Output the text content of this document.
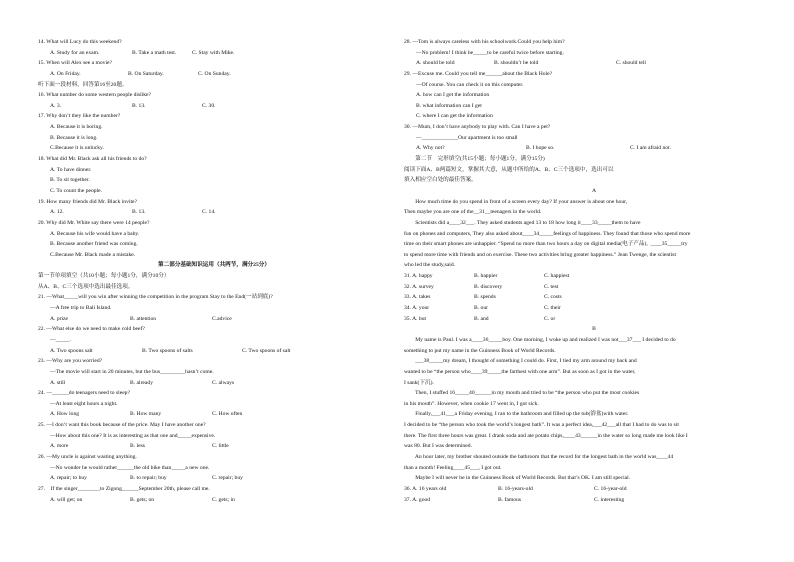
14. What will Lucy do this weekend?
A. Study for an exam.	B. Take a math test.	C. Stay with Mike.
15. When will Alex see a movie?
A. On Friday.	B. On Saturday.	C. On Sunday.
听下面一段材料，回答第16至20题。
16. What number do some western people dislike?
A. 3.	B. 13.	C. 30.
17. Why don’t they like the number?
A. Because it is boring.
B. Because it is long.
C.Because it is unlucky.
18. What did Mr. Black ask all his friends to do?
A. To have dinner.
B. To sit together.
C. To count the people.
19. How many friends did Mr. Black invite?
A. 12.	B. 13.	C. 14.
20. Why did Mr. White say there were 14 people?
A. Because his wife would have a baby.
B. Because another friend was coming.
C.Because Mr. Black made a mistake.
第二部分基础知识运用（共两节，满分25分）
第一节单项填空（共10小题；每小题1分，满分10分）
从A、B、C三个选项中选出最佳选项。
21. —What_____will you win after winning the competition in the program Stay to the End(一站到底)?
—A free trip to Bali Island.
A. prize	B. attention	C.advice
22. —What else do we need to make cold beef?
—_____.
A. Two spoons salt	B. Two spoons of salts	C. Two spoons of salt
23. —Why are you worried?
—The movie will start in 20 minutes, but the bus_________hasn’t come.
A. still	B. already	C. always
24. —______do teenagers need to sleep?
—At least eight hours a night.
A. How long	B. How many	C. How often
25. —I don’t want this book because of the price. May I have another one?
—How about this one? It is as interesting as that one and_____expensive.
A. more	B. less	C. little
26. —My uncle is against wasting anything.
—No wonder he would rather______the old bike than_____a new one.
A. repair; to buy	B. to repair; buy	C. repair; buy
27.    If the singer________to Zigong______September 20th, please call me.
A. will get; on	B. gets; on	C. gets; in
28. —Tom is always careless with his schoolwork.Could you help him?
—No problem! I think he_____to be careful twice before starting.
A. should be told	B. shouldn’t be told	C. should tell
29. —Excuse me. Could you tell me______about the Black Hole?
—Of course. You can check it on this computer.
A. how can I get the information
B. what information can I get
C. where I can get the information
30. —Mum, I don’t have anybody to play with. Can I have a pet?
—_____________Our apartment is too small
A. Why not?	B. I hope so.	C. I am afraid not.
第二节    完形填空(共15小题；每小题1分，满分15分)
阅读下面A、B两篇短文，掌握其大意，从题中所给的A、B、C三个选项中，选出可以
填入相应空白处的最佳答案。
A
How much time do you spend in front of a screen every day? If your answer is about one hour,
Then maybe you are one of the__31__teenagers in the world.
Scientists did a____32___. They asked students aged 13 to 18 how long it____33_____them to have
fun on phones and computers, They also asked about____34_____feelings of happiness. They found that those who spend more
time on their smart phones are unhappier. “Spend no more than two hours a day on digital media(电子产品),  ____35_____try
to spend more time with friends and on exercise. These two activities bring greater happiness.” Jean Twenge, the scientist
who led the study,said.
31. A. happy	B. happier	C. happiest
32. A. survey	B. discovery	C. test
33. A. takes	B. spends	C. costs
34. A. your	B. our	C. their
35. A. but	B. and	C. or
B
My name is Paul. I was a____36_____boy. One morning, I woke up and realized I was not___37___ I decided to do
something to put my name in the Guinness Book of World Records.
___38_____my dream, I thought of something I could do. First, I tied my arm around my back and
wanted to be “the person who____39_____the farthest with one arm”. But as soon as I got in the water,
I sank(下沉).
Then, I stuffed 16_____40______in my mouth and tried to be “the person who put the most cookies
in his mouth”. However, when cookie 17 went in, I got sick.
Finally,___41___a Friday evening, I ran to the bathroom and filled up the tub(浴盆)with water.
I decided to be “the person who took the world’s longest bath”. It was a perfect idea,___42___all that I had to do was to sit
there. The first three hours was great. I drank soda and ate potato chips,____43______in the water so long made me look like I
was 80. But I was determined.
An hour later, my brother shouted outside the bathroom that the record for the longest bath in the world was____44
than a month! Feeling____45___, I got out.
Maybe I will never be in the Guinness Book of World Records. But that’s OK. I am still special.
36. A. 16 years old	B. 16-years-old	C. 16-year-old
37. A. good	B. famous	C. interesting
